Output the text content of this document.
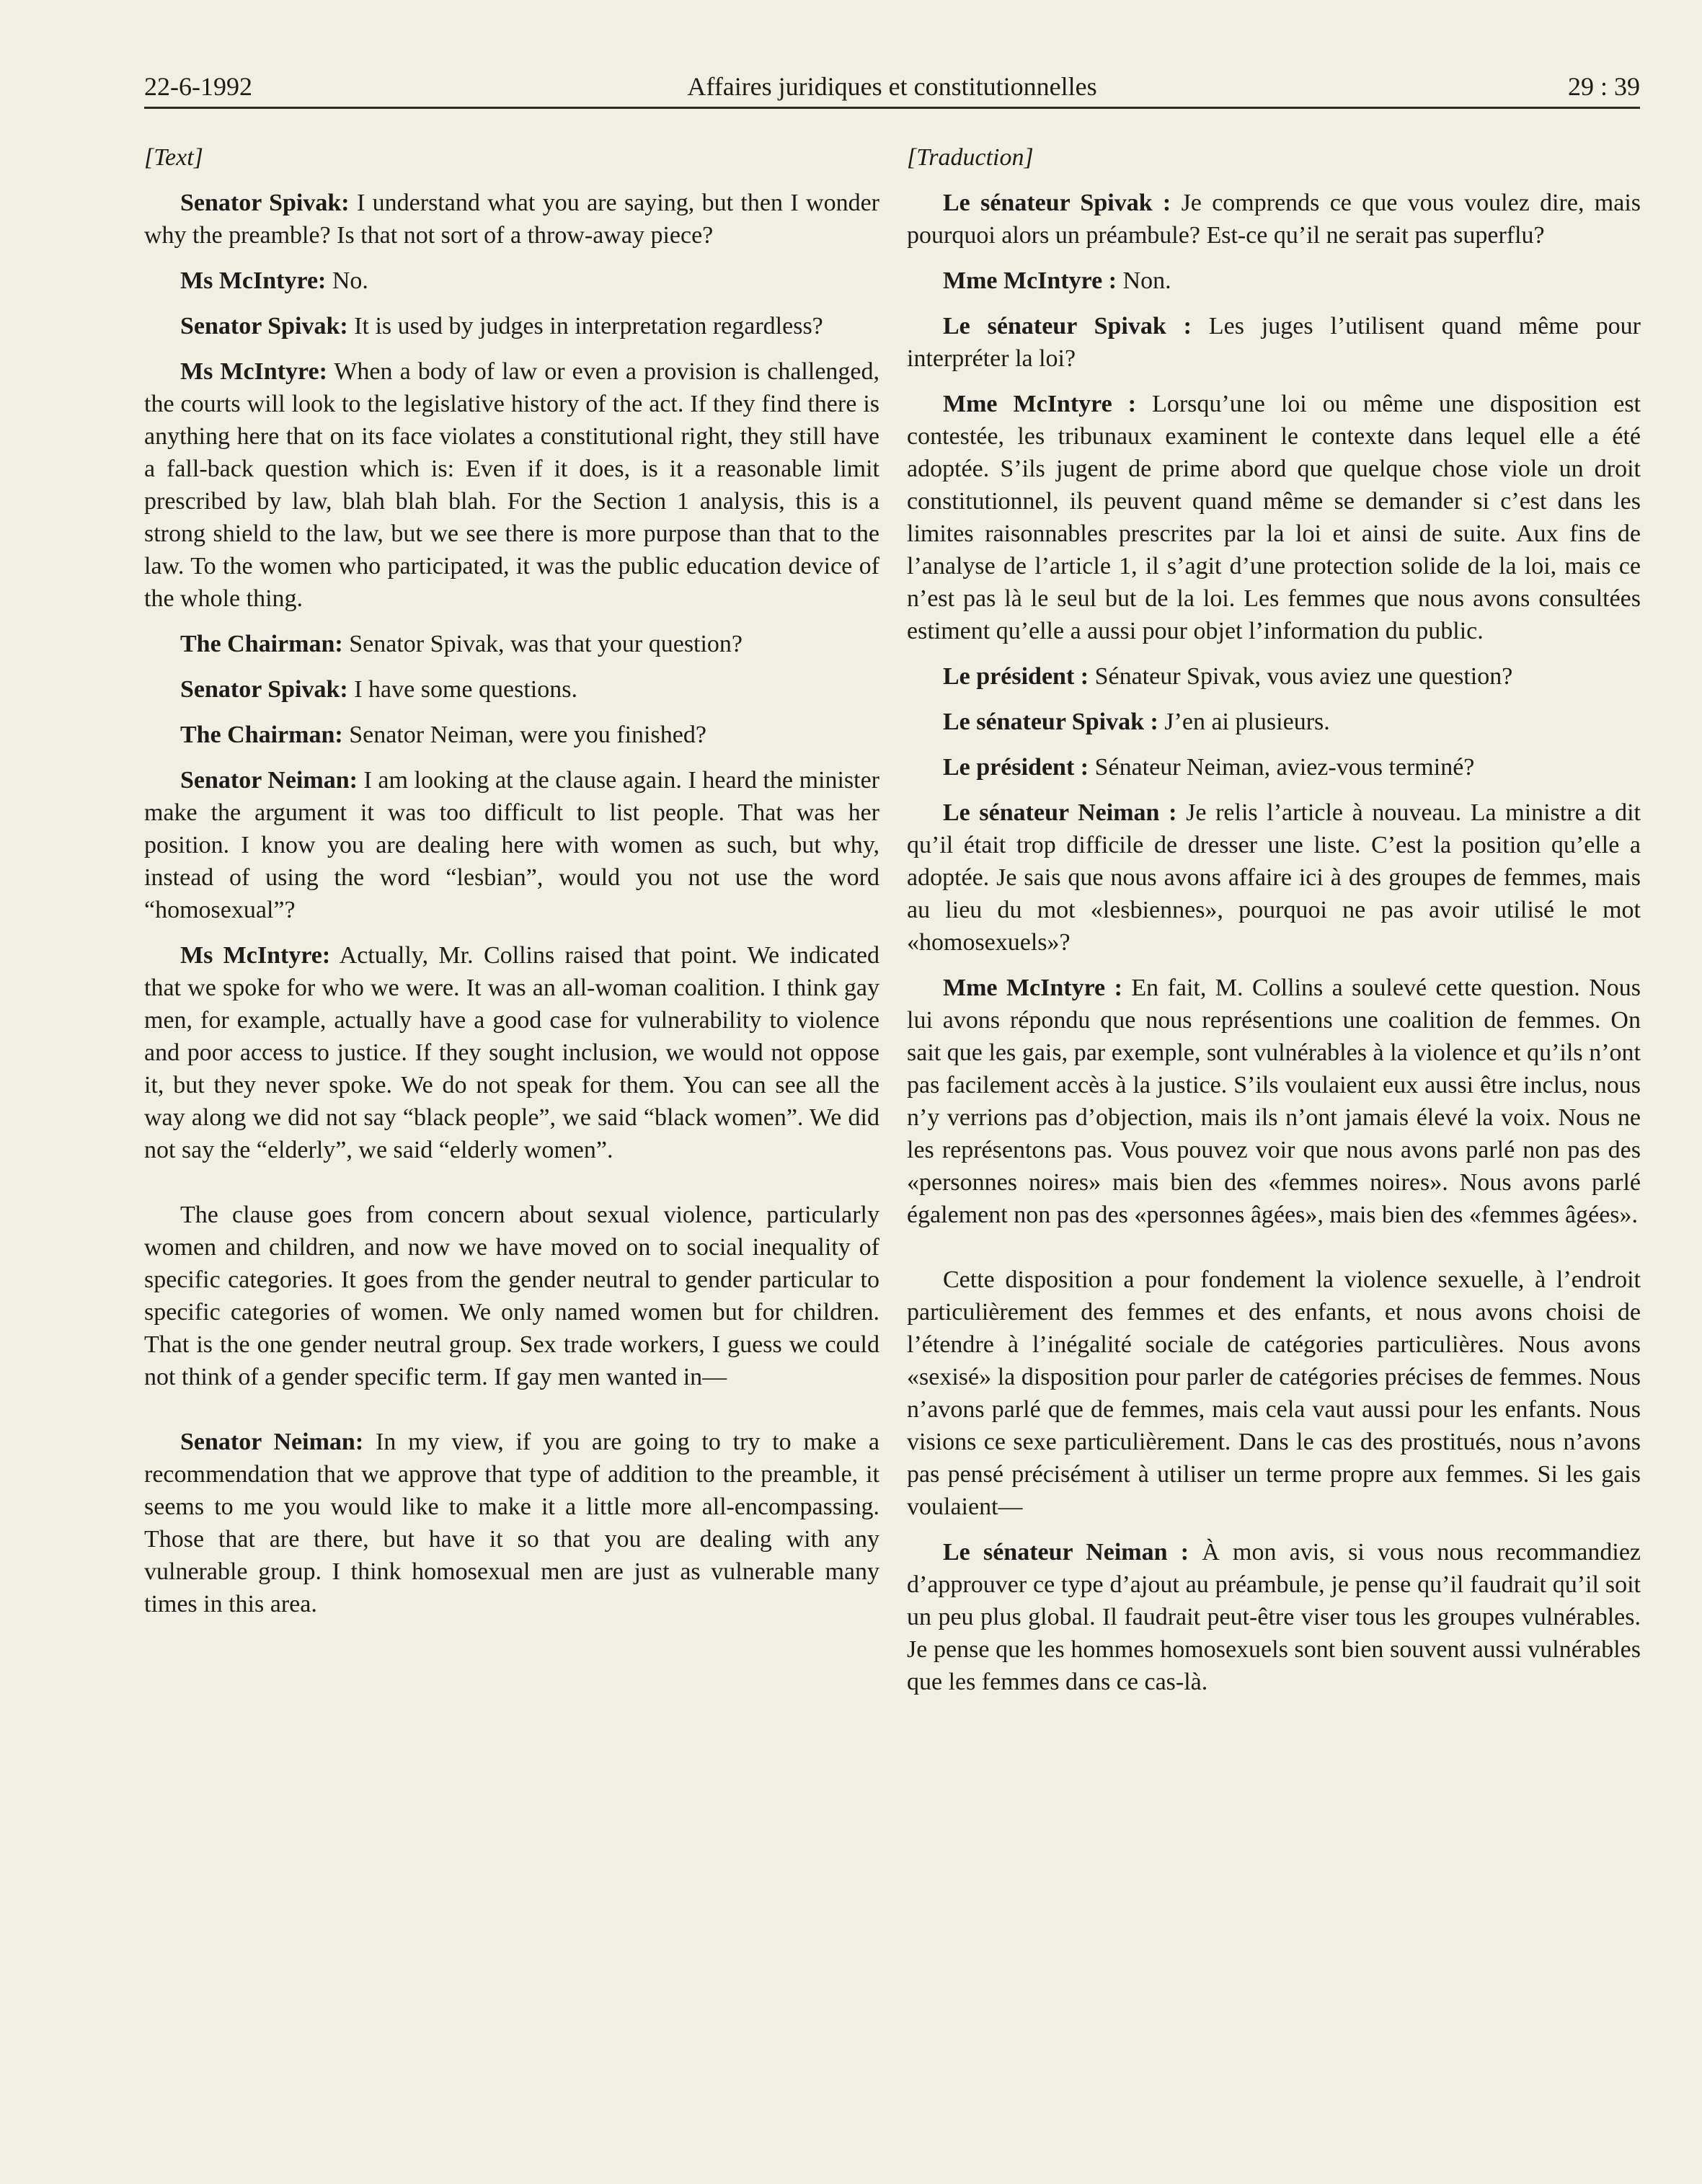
22-6-1992	Affaires juridiques et constitutionnelles	29 : 39

[Text]

Senator Spivak: I understand what you are saying, but then I wonder why the preamble? Is that not sort of a throw-away piece?

Ms McIntyre: No.

Senator Spivak: It is used by judges in interpretation regardless?

Ms McIntyre: When a body of law or even a provision is challenged, the courts will look to the legislative history of the act. If they find there is anything here that on its face violates a constitutional right, they still have a fall-back question which is: Even if it does, is it a reasonable limit prescribed by law, blah blah blah. For the Section 1 analysis, this is a strong shield to the law, but we see there is more purpose than that to the law. To the women who participated, it was the public education device of the whole thing.

The Chairman: Senator Spivak, was that your question?

Senator Spivak: I have some questions.

The Chairman: Senator Neiman, were you finished?

Senator Neiman: I am looking at the clause again. I heard the minister make the argument it was too difficult to list people. That was her position. I know you are dealing here with women as such, but why, instead of using the word “lesbian”, would you not use the word “homosexual”?

Ms McIntyre: Actually, Mr. Collins raised that point. We indicated that we spoke for who we were. It was an all-woman coalition. I think gay men, for example, actually have a good case for vulnerability to violence and poor access to justice. If they sought inclusion, we would not oppose it, but they never spoke. We do not speak for them. You can see all the way along we did not say “black people”, we said “black women”. We did not say the “elderly”, we said “elderly women”.

The clause goes from concern about sexual violence, particularly women and children, and now we have moved on to social inequality of specific categories. It goes from the gender neutral to gender particular to specific categories of women. We only named women but for children. That is the one gender neutral group. Sex trade workers, I guess we could not think of a gender specific term. If gay men wanted in—

Senator Neiman: In my view, if you are going to try to make a recommendation that we approve that type of addition to the preamble, it seems to me you would like to make it a little more all-encompassing. Those that are there, but have it so that you are dealing with any vulnerable group. I think homosexual men are just as vulnerable many times in this area.

[Traduction]

Le sénateur Spivak : Je comprends ce que vous voulez dire, mais pourquoi alors un préambule? Est-ce qu’il ne serait pas superflu?

Mme McIntyre : Non.

Le sénateur Spivak : Les juges l’utilisent quand même pour interpréter la loi?

Mme McIntyre : Lorsqu’une loi ou même une disposition est contestée, les tribunaux examinent le contexte dans lequel elle a été adoptée. S’ils jugent de prime abord que quelque chose viole un droit constitutionnel, ils peuvent quand même se demander si c’est dans les limites raisonnables prescrites par la loi et ainsi de suite. Aux fins de l’analyse de l’article 1, il s’agit d’une protection solide de la loi, mais ce n’est pas là le seul but de la loi. Les femmes que nous avons consultées estiment qu’elle a aussi pour objet l’information du public.

Le président : Sénateur Spivak, vous aviez une question?

Le sénateur Spivak : J’en ai plusieurs.

Le président : Sénateur Neiman, aviez-vous terminé?

Le sénateur Neiman : Je relis l’article à nouveau. La ministre a dit qu’il était trop difficile de dresser une liste. C’est la position qu’elle a adoptée. Je sais que nous avons affaire ici à des groupes de femmes, mais au lieu du mot «lesbiennes», pourquoi ne pas avoir utilisé le mot «homosexuels»?

Mme McIntyre : En fait, M. Collins a soulevé cette question. Nous lui avons répondu que nous représentions une coalition de femmes. On sait que les gais, par exemple, sont vulnérables à la violence et qu’ils n’ont pas facilement accès à la justice. S’ils voulaient eux aussi être inclus, nous n’y verrions pas d’objection, mais ils n’ont jamais élevé la voix. Nous ne les représentons pas. Vous pouvez voir que nous avons parlé non pas des «personnes noires» mais bien des «femmes noires». Nous avons parlé également non pas des «personnes âgées», mais bien des «femmes âgées».

Cette disposition a pour fondement la violence sexuelle, à l’endroit particulièrement des femmes et des enfants, et nous avons choisi de l’étendre à l’inégalité sociale de catégories particulières. Nous avons «sexisé» la disposition pour parler de catégories précises de femmes. Nous n’avons parlé que de femmes, mais cela vaut aussi pour les enfants. Nous visions ce sexe particulièrement. Dans le cas des prostitués, nous n’avons pas pensé précisément à utiliser un terme propre aux femmes. Si les gais voulaient—

Le sénateur Neiman : À mon avis, si vous nous recommandiez d’approuver ce type d’ajout au préambule, je pense qu’il faudrait qu’il soit un peu plus global. Il faudrait peut-être viser tous les groupes vulnérables. Je pense que les hommes homosexuels sont bien souvent aussi vulnérables que les femmes dans ce cas-là.
